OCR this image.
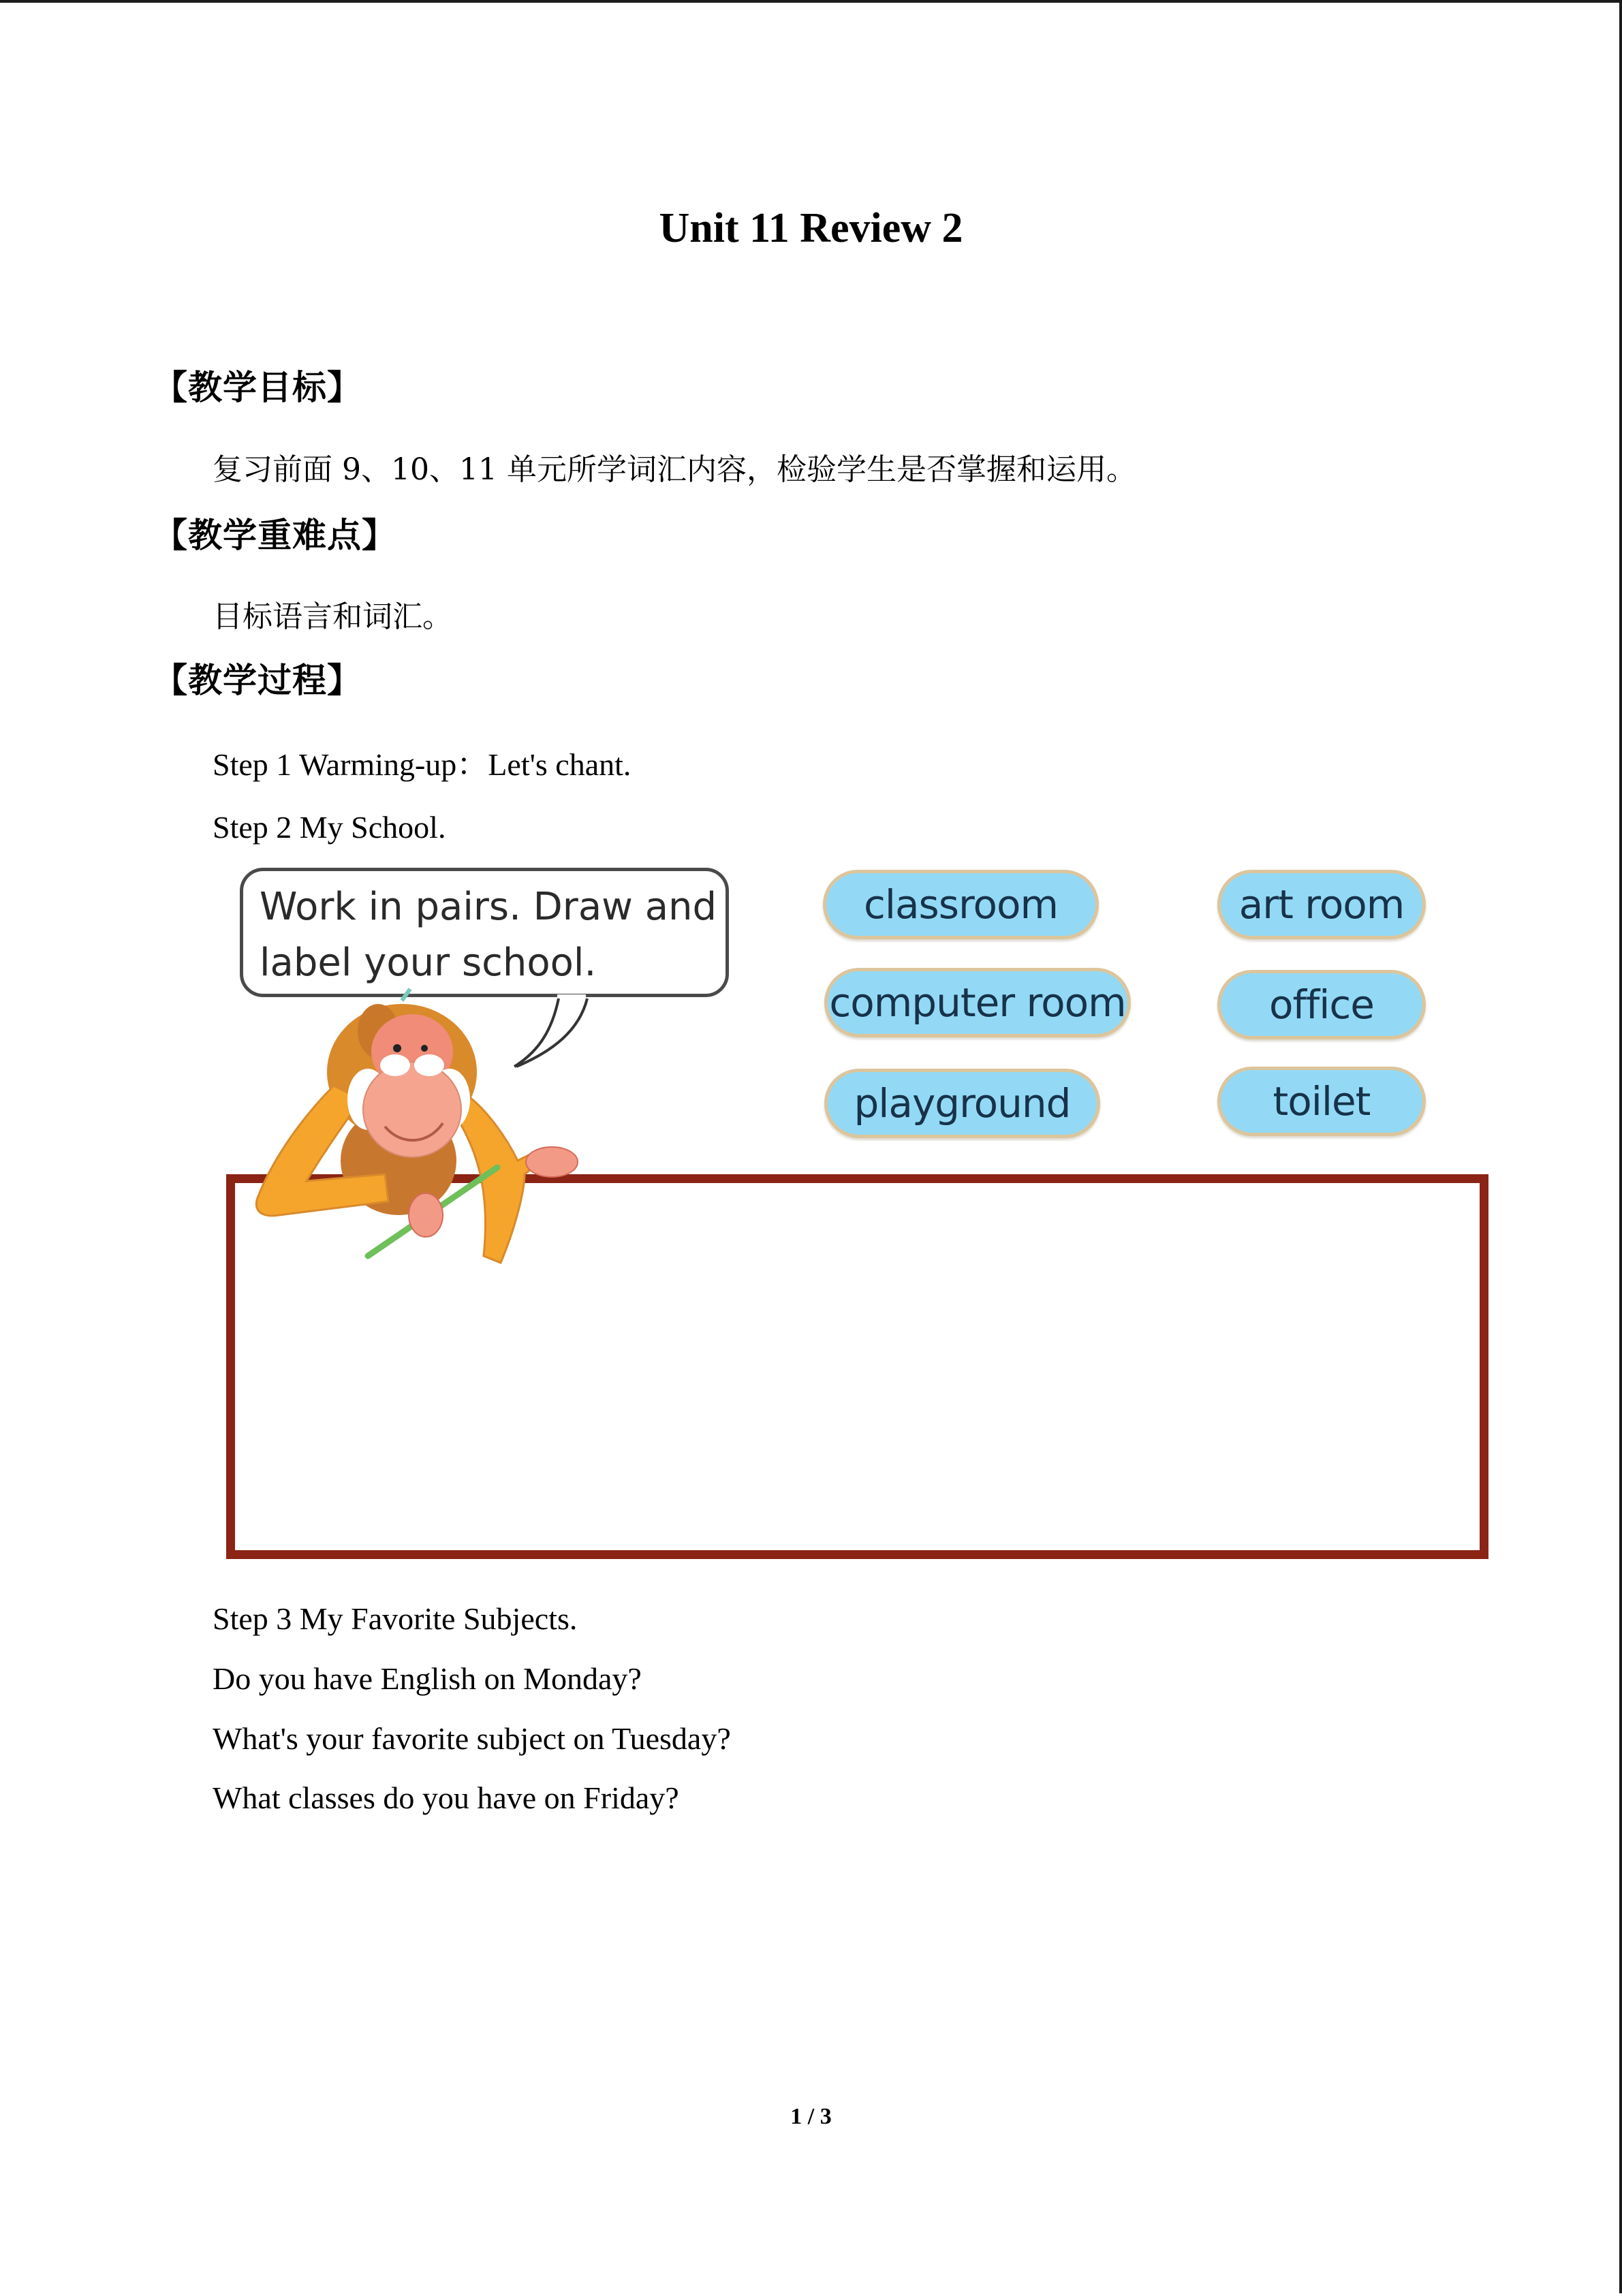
Unit 11 Review 2
【教学目标】
复习前面 9、10、11 单元所学词汇内容，检验学生是否掌握和运用。
【教学重难点】
目标语言和词汇。
【教学过程】
Step 1 Warming-up：Let's chant.
Step 2 My School.
Work in pairs. Draw and label your school.
classroom	art room
computer room	office
playground	toilet
Step 3 My Favorite Subjects.
Do you have English on Monday?
What's your favorite subject on Tuesday?
What classes do you have on Friday?
1 / 3
